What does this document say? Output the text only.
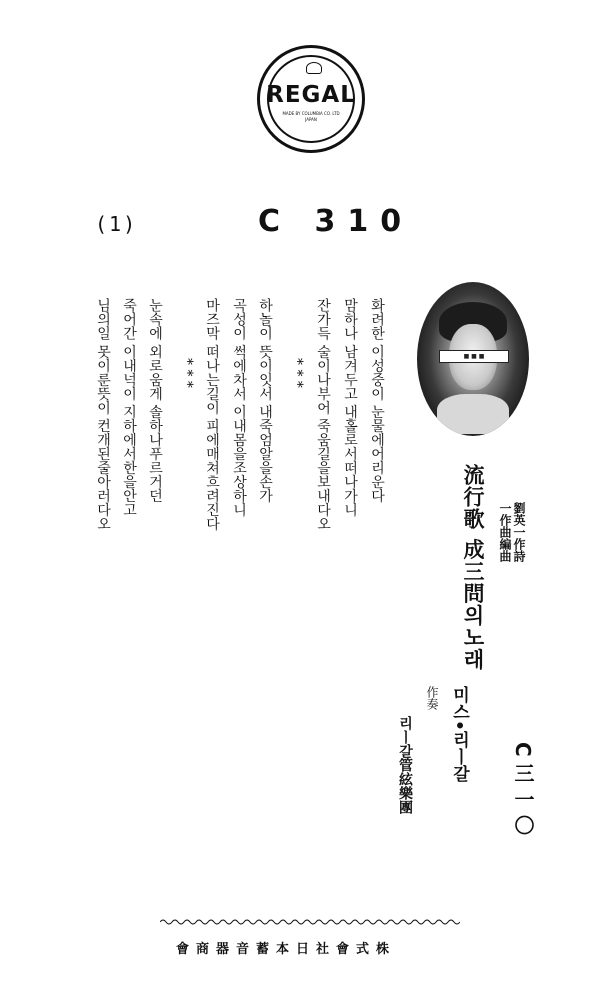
REGAL
MADE BY COLUMBIA CO. LTD
JAPAN
(1)	C 310
■ ■ ■
流行歌 成三問의노래 劉英一作詩
一作曲編曲
미스•리ㅣ갈
作奏
리ㅣ갈管絃樂團	C三一〇
화려한 이성중이 눈물에어리운다
맘하나 남겨두고 내홀로서떠나가니
잔가득 술이나부어 죽움길을보내다오
* * *
하놀이 뜻이잇서 내죽엄알을손가
곡성이 썩에차서 이내몸을조상하니
마즈막 떠나는길이 피에매쳐흐려진다
* * *
눈속에 외로움게 솔하나푸르거던
죽어간 이내넉이 지하에서한을안고
님의일 못이룬뜻이 컨개된줄아러다오
株式會社日本蓄音器商會
